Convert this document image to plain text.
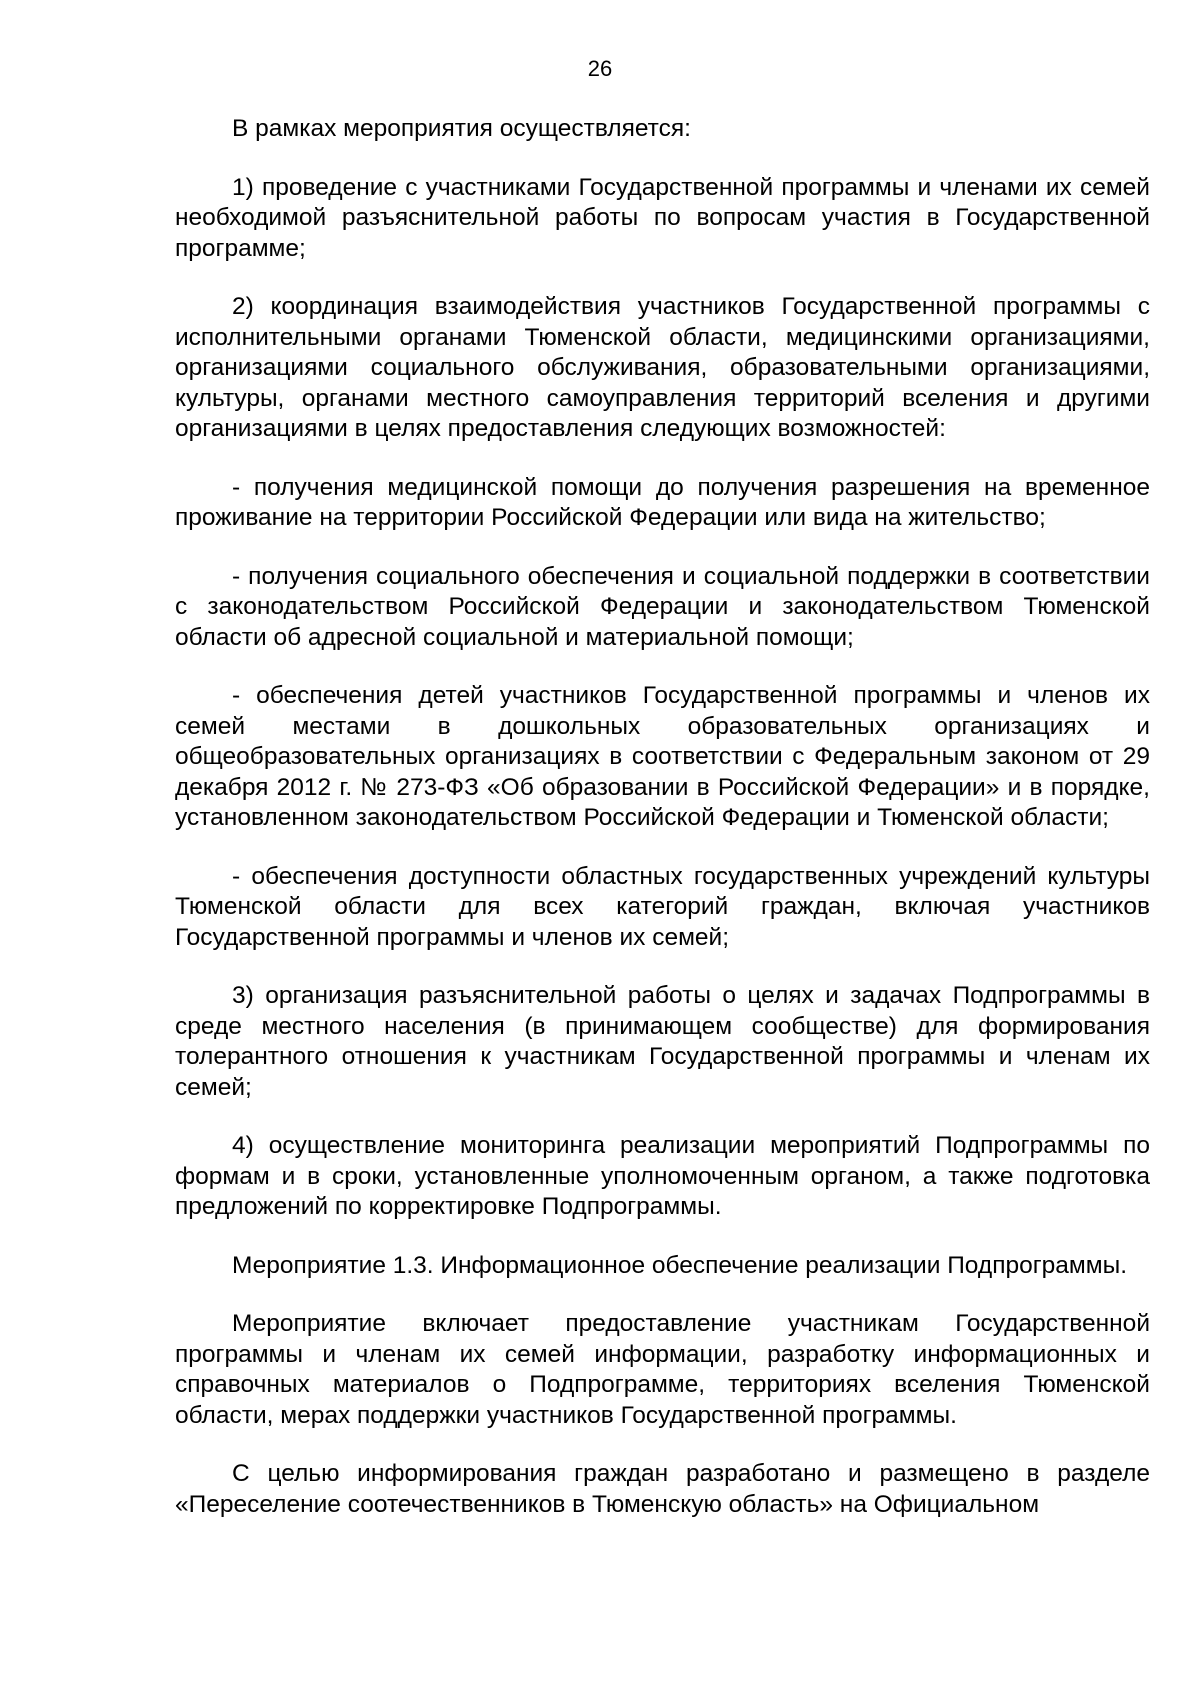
26

В рамках мероприятия осуществляется:

1) проведение с участниками Государственной программы и членами их семей необходимой разъяснительной работы по вопросам участия в Государственной программе;

2) координация взаимодействия участников Государственной программы с исполнительными органами Тюменской области, медицинскими организациями, организациями социального обслуживания, образовательными организациями, культуры, органами местного самоуправления территорий вселения и другими организациями в целях предоставления следующих возможностей:

- получения медицинской помощи до получения разрешения на временное проживание на территории Российской Федерации или вида на жительство;

- получения социального обеспечения и социальной поддержки в соответствии с законодательством Российской Федерации и законодательством Тюменской области об адресной социальной и материальной помощи;

- обеспечения детей участников Государственной программы и членов их семей местами в дошкольных образовательных организациях и общеобразовательных организациях в соответствии с Федеральным законом от 29 декабря 2012 г. № 273-ФЗ «Об образовании в Российской Федерации» и в порядке, установленном законодательством Российской Федерации и Тюменской области;

- обеспечения доступности областных государственных учреждений культуры Тюменской области для всех категорий граждан, включая участников Государственной программы и членов их семей;

3) организация разъяснительной работы о целях и задачах Подпрограммы в среде местного населения (в принимающем сообществе) для формирования толерантного отношения к участникам Государственной программы и членам их семей;

4) осуществление мониторинга реализации мероприятий Подпрограммы по формам и в сроки, установленные уполномоченным органом, а также подготовка предложений по корректировке Подпрограммы.

Мероприятие 1.3. Информационное обеспечение реализации Подпрограммы.

Мероприятие включает предоставление участникам Государственной программы и членам их семей информации, разработку информационных и справочных материалов о Подпрограмме, территориях вселения Тюменской области, мерах поддержки участников Государственной программы.

С целью информирования граждан разработано и размещено в разделе «Переселение соотечественников в Тюменскую область» на Официальном
